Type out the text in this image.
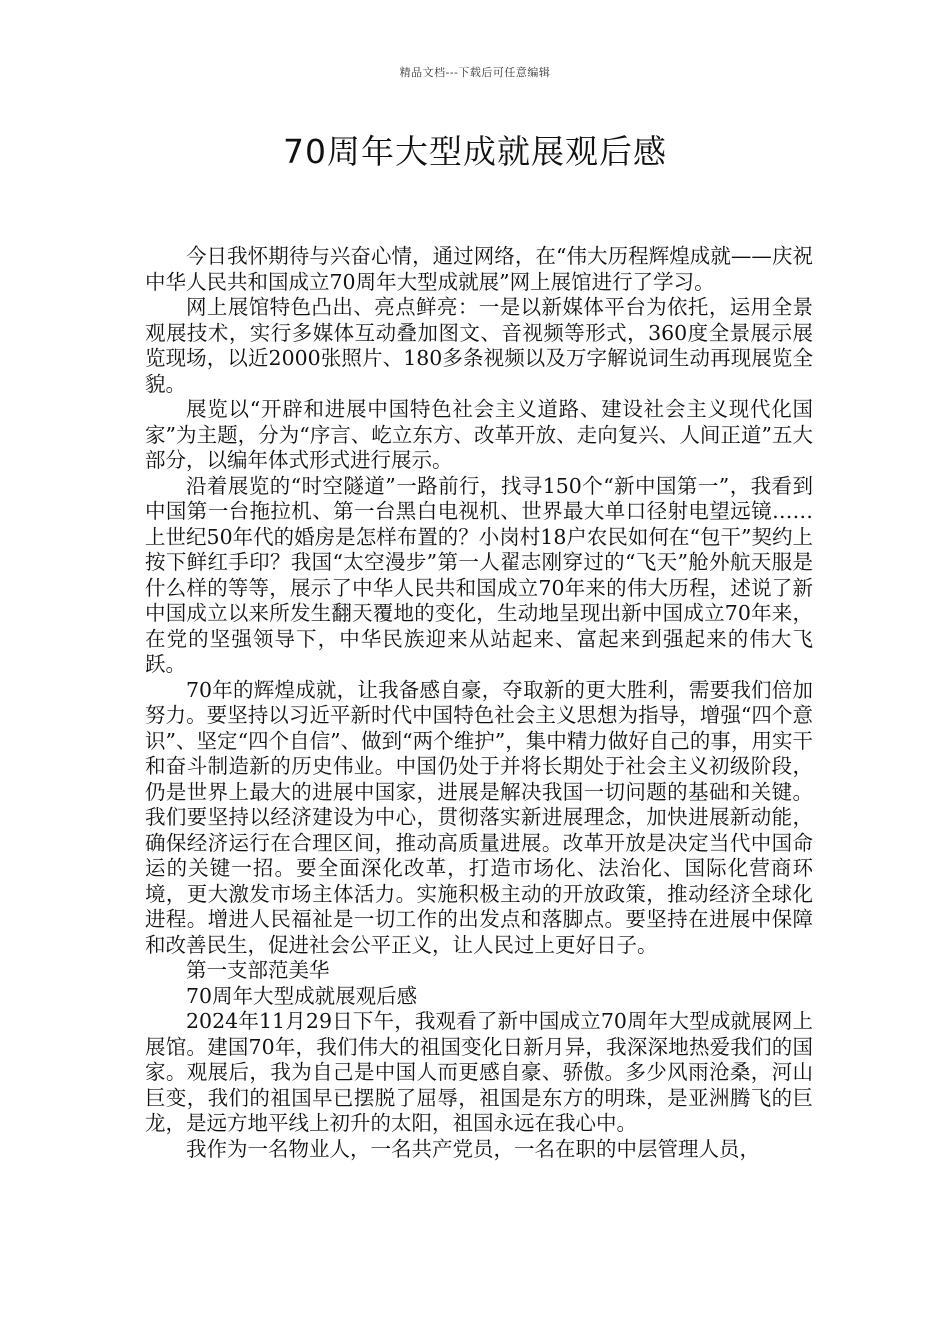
精品文档---下载后可任意编辑
70周年大型成就展观后感

今日我怀期待与兴奋心情，通过网络，在“伟大历程辉煌成就——庆祝中华人民共和国成立70周年大型成就展”网上展馆进行了学习。

网上展馆特色凸出、亮点鲜亮：一是以新媒体平台为依托，运用全景观展技术，实行多媒体互动叠加图文、音视频等形式，360度全景展示展览现场，以近2000张照片、180多条视频以及万字解说词生动再现展览全貌。

展览以“开辟和进展中国特色社会主义道路、建设社会主义现代化国家”为主题，分为“序言、屹立东方、改革开放、走向复兴、人间正道”五大部分，以编年体式形式进行展示。

沿着展览的“时空隧道”一路前行，找寻150个“新中国第一”，我看到中国第一台拖拉机、第一台黑白电视机、世界最大单口径射电望远镜……上世纪50年代的婚房是怎样布置的？小岗村18户农民如何在“包干”契约上按下鲜红手印？我国“太空漫步”第一人翟志刚穿过的“飞天”舱外航天服是什么样的等等，展示了中华人民共和国成立70年来的伟大历程，述说了新中国成立以来所发生翻天覆地的变化，生动地呈现出新中国成立70年来，在党的坚强领导下，中华民族迎来从站起来、富起来到强起来的伟大飞跃。

70年的辉煌成就，让我备感自豪，夺取新的更大胜利，需要我们倍加努力。要坚持以习近平新时代中国特色社会主义思想为指导，增强“四个意识”、坚定“四个自信”、做到“两个维护”，集中精力做好自己的事，用实干和奋斗制造新的历史伟业。中国仍处于并将长期处于社会主义初级阶段，仍是世界上最大的进展中国家，进展是解决我国一切问题的基础和关键。我们要坚持以经济建设为中心，贯彻落实新进展理念，加快进展新动能，确保经济运行在合理区间，推动高质量进展。改革开放是决定当代中国命运的关键一招。要全面深化改革，打造市场化、法治化、国际化营商环境，更大激发市场主体活力。实施积极主动的开放政策，推动经济全球化进程。增进人民福祉是一切工作的出发点和落脚点。要坚持在进展中保障和改善民生，促进社会公平正义，让人民过上更好日子。

第一支部范美华

70周年大型成就展观后感

2024年11月29日下午，我观看了新中国成立70周年大型成就展网上展馆。建国70年，我们伟大的祖国变化日新月异，我深深地热爱我们的国家。观展后，我为自己是中国人而更感自豪、骄傲。多少风雨沧桑，河山巨变，我们的祖国早已摆脱了屈辱，祖国是东方的明珠，是亚洲腾飞的巨龙，是远方地平线上初升的太阳，祖国永远在我心中。

我作为一名物业人，一名共产党员，一名在职的中层管理人员，
